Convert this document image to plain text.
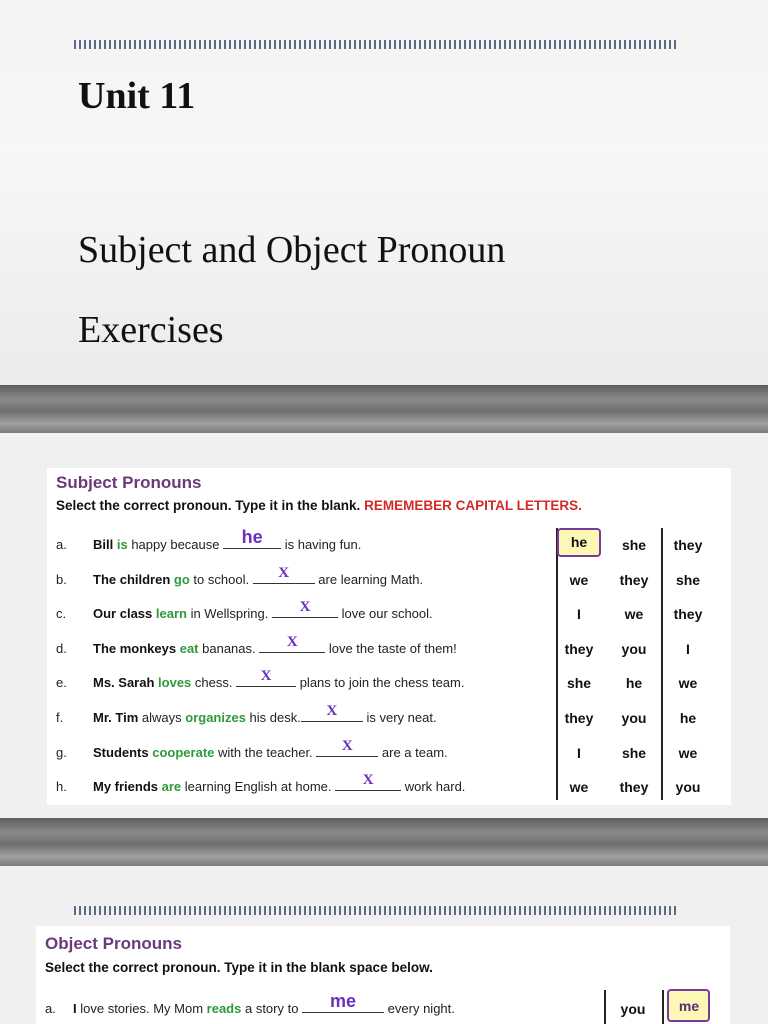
Unit 11
Subject and Object Pronoun
Exercises
Subject Pronouns
Select the correct pronoun. Type it in the blank. REMEMEBER CAPITAL LETTERS.
a. Bill is happy because	he	is having fun.	he	she	they
b. The children go to school.	X	are learning Math.	we	they	she
c. Our class learn in Wellspring.	X	love our school.	I	we	they
d. The monkeys eat bananas.	X	love the taste of them!	they	you	I
e. Ms. Sarah loves chess.	X	plans to join the chess team.	she	he	we
f. Mr. Tim always organizes his desk.	X	is very neat.	they	you	he
g. Students cooperate with the teacher.	X	are a team.	I	she	we
h. My friends are learning English at home.	X	work hard.	we	they	you
Object Pronouns
Select the correct pronoun. Type it in the blank space below.
a. I love stories. My Mom reads a story to	me	every night.	you	me
